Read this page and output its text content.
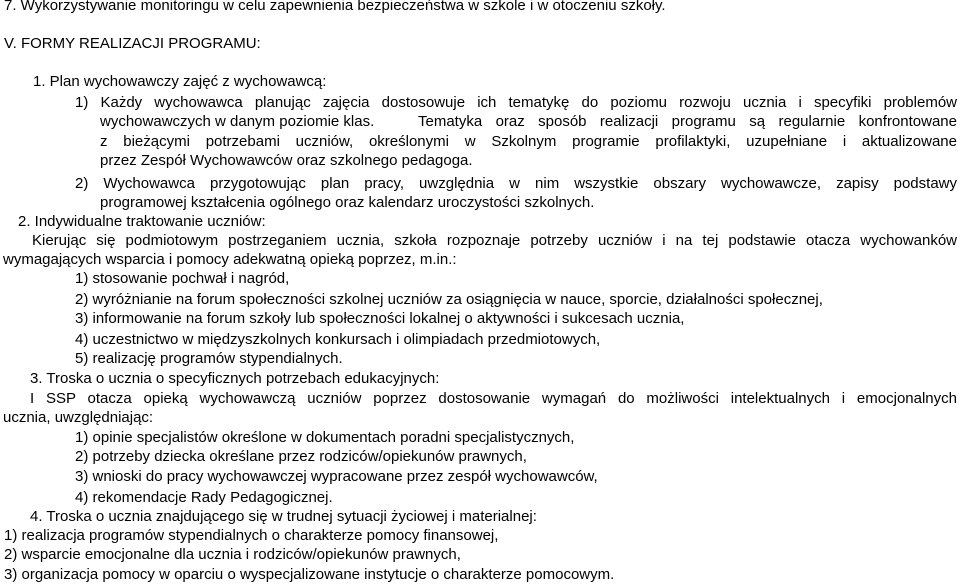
7. Wykorzystywanie monitoringu w celu zapewnienia bezpieczeństwa w szkole i w otoczeniu szkoły.
V. FORMY REALIZACJI PROGRAMU:
1. Plan wychowawczy zajęć z wychowawcą:
1) Każdy wychowawca planując zajęcia dostosowuje ich tematykę do poziomu rozwoju ucznia i specyfiki problemów
wychowawczych w danym poziomie klas.	Tematyka oraz sposób realizacji programu są regularnie konfrontowane
z bieżącymi potrzebami uczniów, określonymi w Szkolnym programie profilaktyki, uzupełniane i aktualizowane
przez Zespół Wychowawców oraz szkolnego pedagoga.
2) Wychowawca przygotowując plan pracy, uwzględnia w nim wszystkie obszary wychowawcze, zapisy podstawy
programowej kształcenia ogólnego oraz kalendarz uroczystości szkolnych.
2. Indywidualne traktowanie uczniów:
Kierując się podmiotowym postrzeganiem ucznia, szkoła rozpoznaje potrzeby uczniów i na tej podstawie otacza wychowanków
wymagających wsparcia i pomocy adekwatną opieką poprzez, m.in.:
1) stosowanie pochwał i nagród,
2) wyróżnianie na forum społeczności szkolnej uczniów za osiągnięcia w nauce, sporcie, działalności społecznej,
3) informowanie na forum szkoły lub społeczności lokalnej o aktywności i sukcesach ucznia,
4) uczestnictwo w międzyszkolnych konkursach i olimpiadach przedmiotowych,
5) realizację programów stypendialnych.
3. Troska o ucznia o specyficznych potrzebach edukacyjnych:
I SSP otacza opieką wychowawczą uczniów poprzez dostosowanie wymagań do możliwości intelektualnych i emocjonalnych
ucznia, uwzględniając:
1) opinie specjalistów określone w dokumentach poradni specjalistycznych,
2) potrzeby dziecka określane przez rodziców/opiekunów prawnych,
3) wnioski do pracy wychowawczej wypracowane przez zespół wychowawców,
4) rekomendacje Rady Pedagogicznej.
4. Troska o ucznia znajdującego się w trudnej sytuacji życiowej i materialnej:
1) realizacja programów stypendialnych o charakterze pomocy finansowej,
2) wsparcie emocjonalne dla ucznia i rodziców/opiekunów prawnych,
3) organizacja pomocy w oparciu o wyspecjalizowane instytucje o charakterze pomocowym.
